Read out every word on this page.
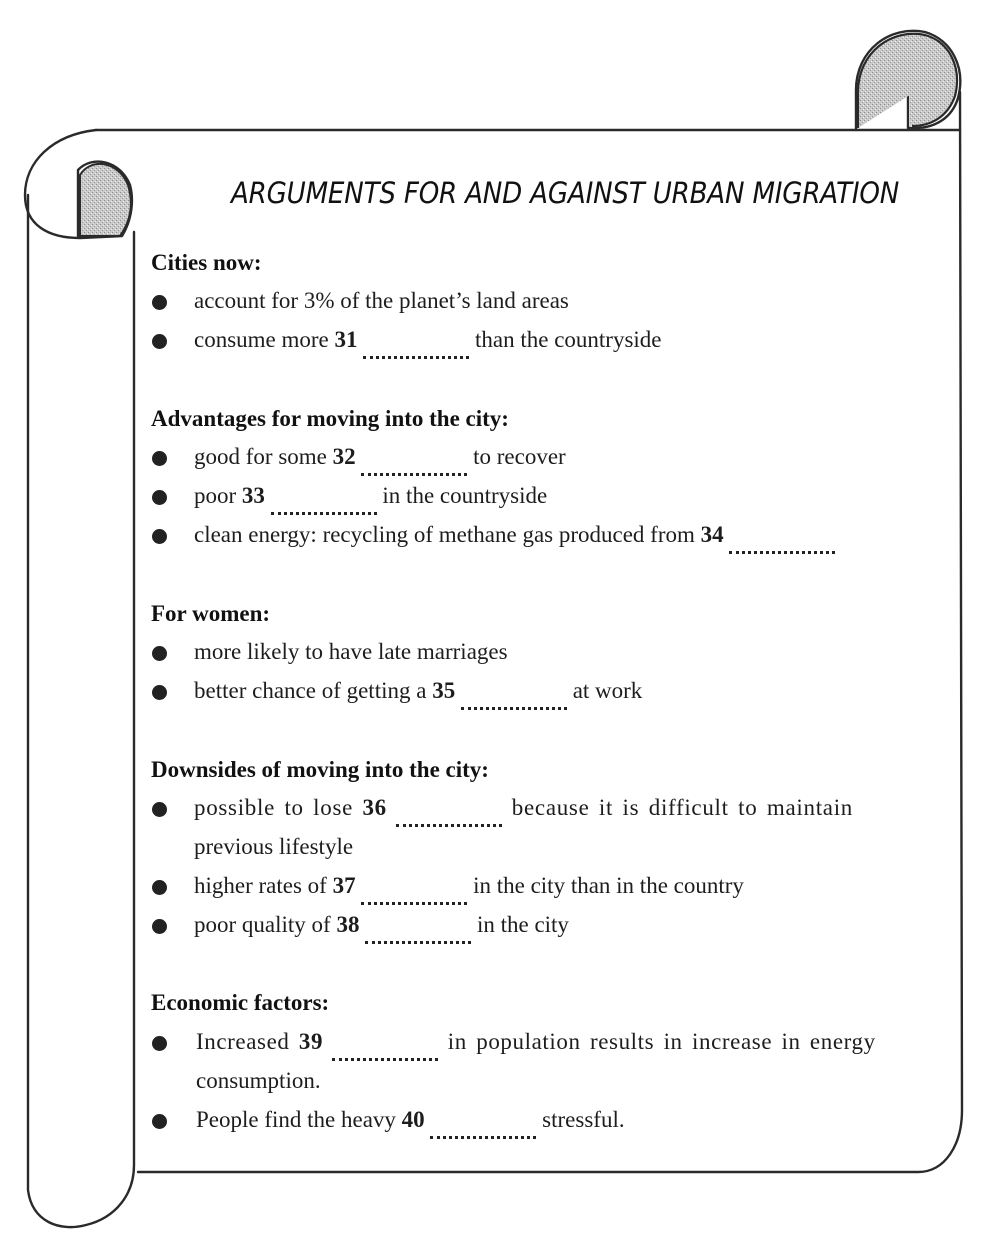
ARGUMENTS FOR AND AGAINST URBAN MIGRATION
Cities now:
account for 3% of the planet’s land areas
consume more 31	than the countryside
Advantages for moving into the city:
good for some 32	to recover
poor 33	in the countryside
clean energy: recycling of methane gas produced from 34
For women:
more likely to have late marriages
better chance of getting a 35	at work
Downsides of moving into the city:
possible to lose 36	because it is difficult to maintain
previous lifestyle
higher rates of 37	in the city than in the country
poor quality of 38	in the city
Economic factors:
Increased 39	in population results in increase in energy
consumption.
People find the heavy 40	stressful.
